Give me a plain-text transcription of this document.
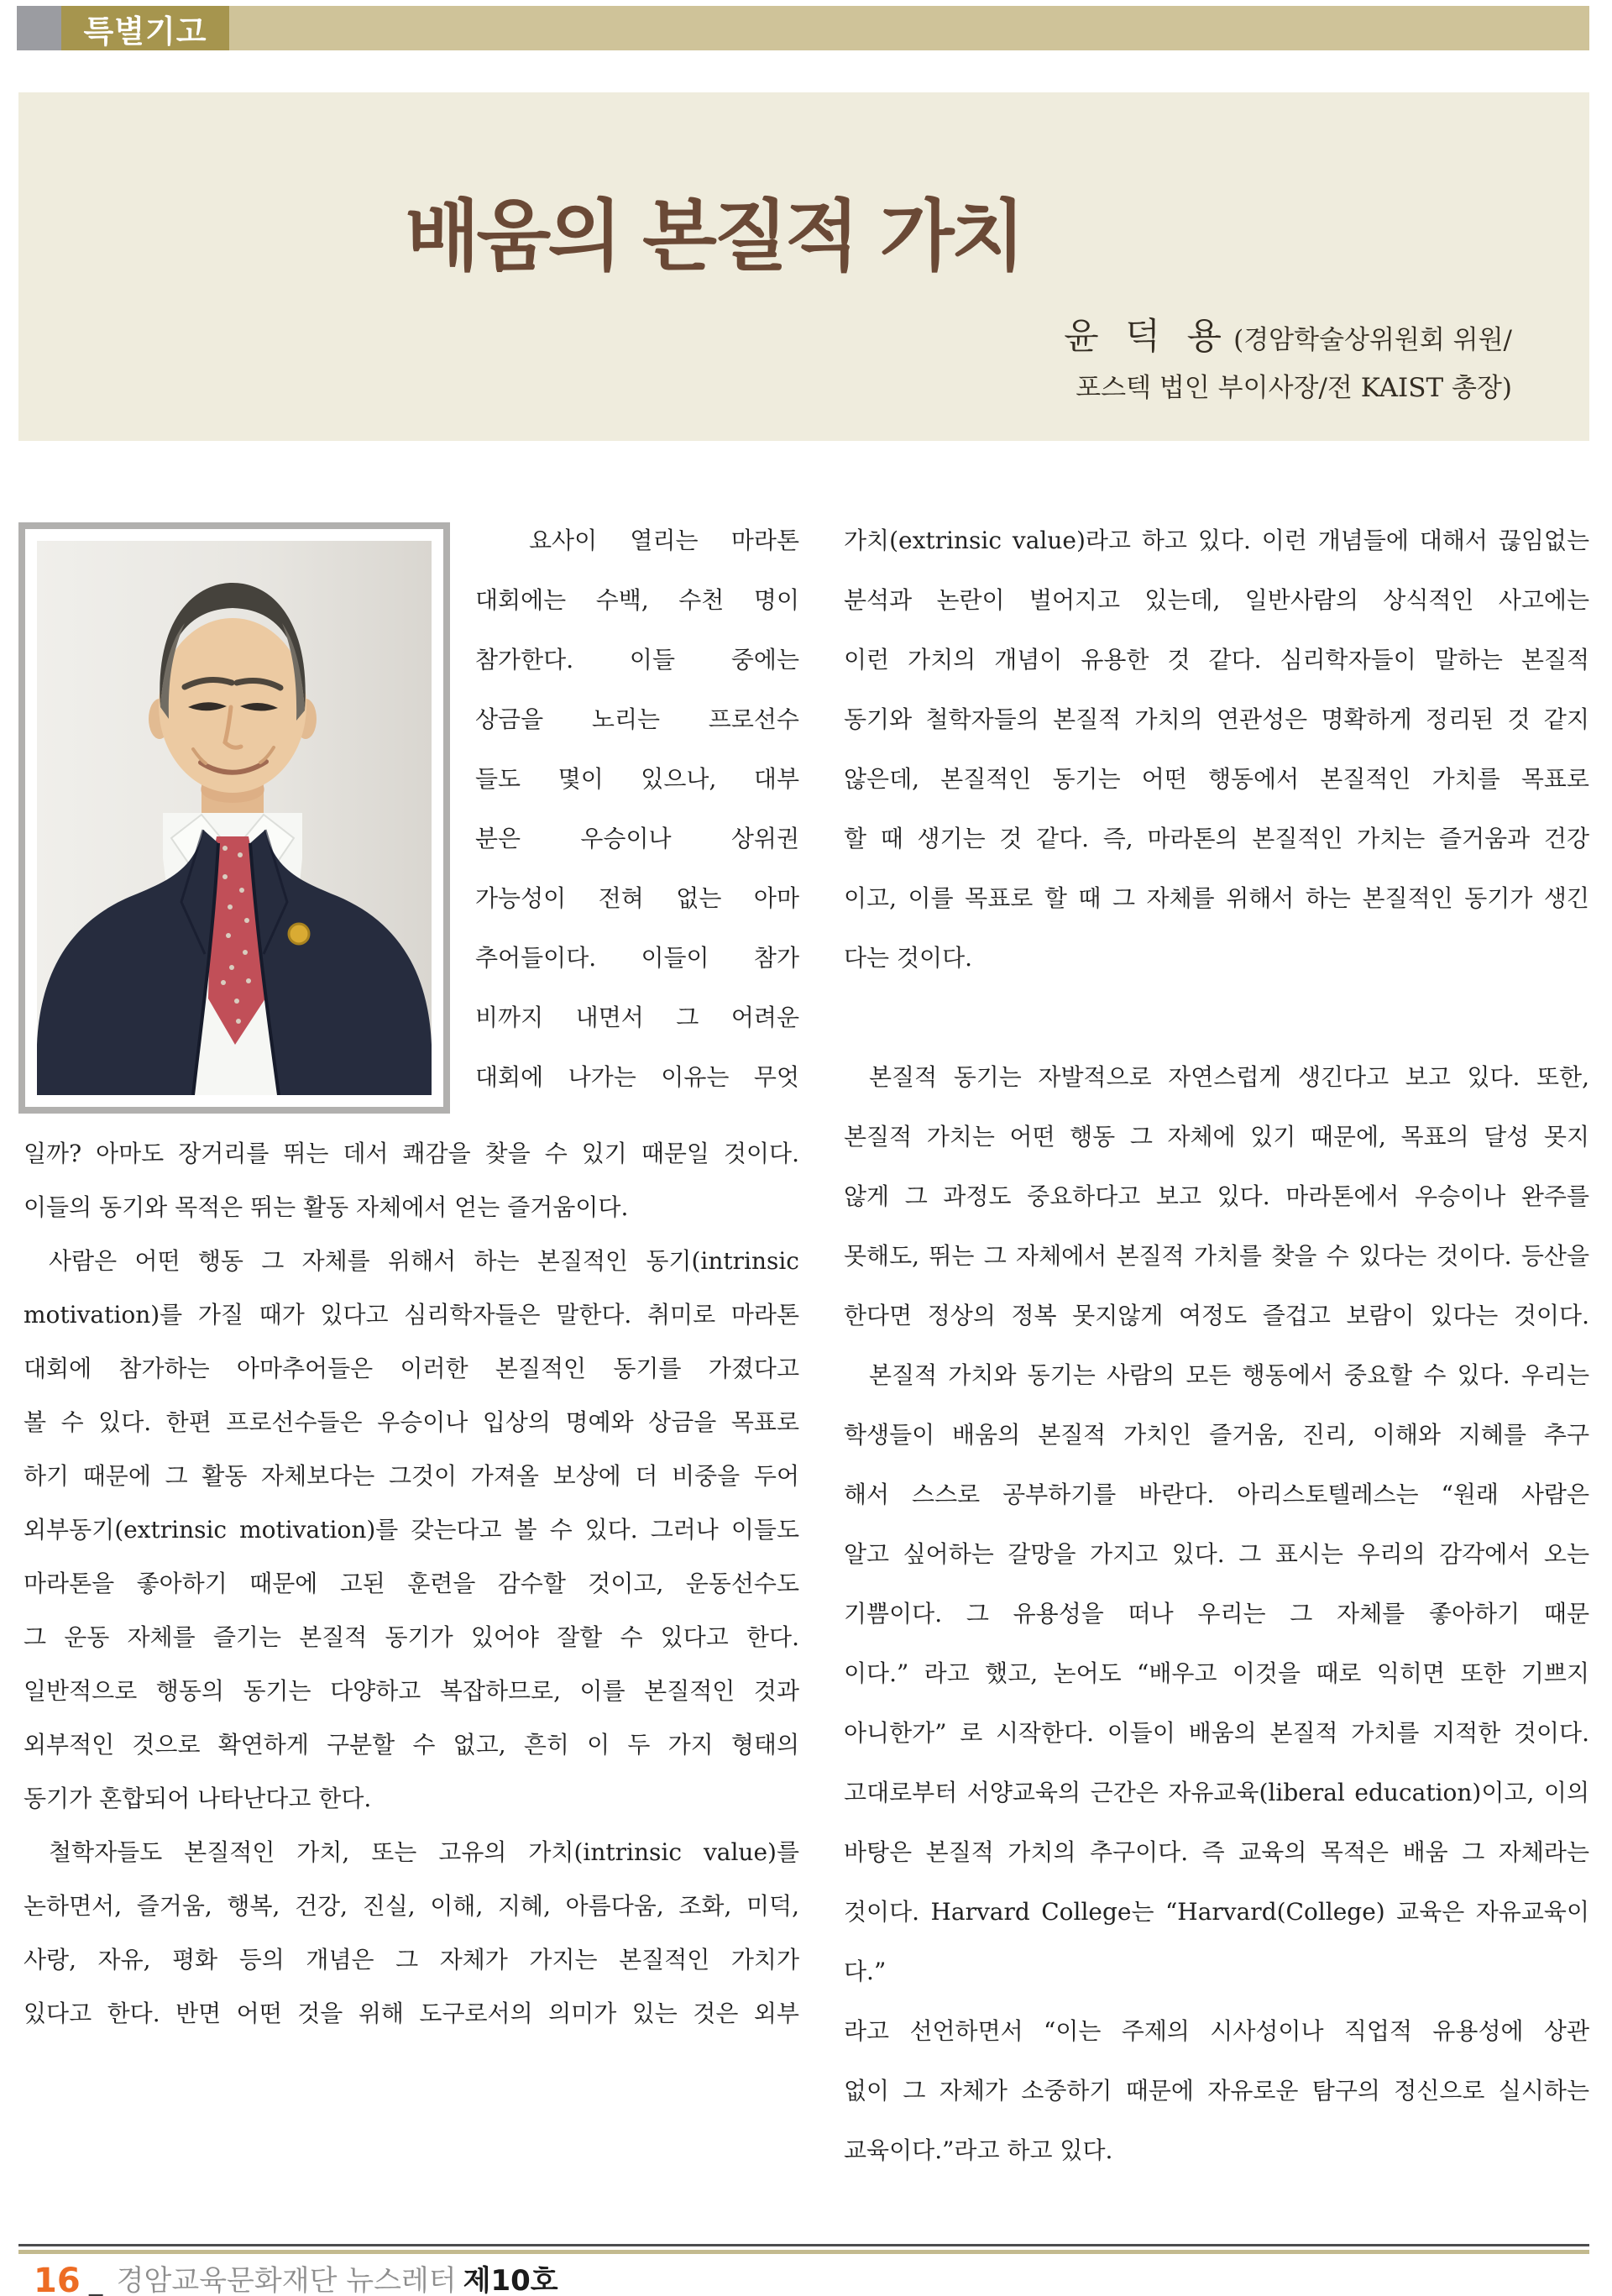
특별기고
배움의 본질적 가치
윤 덕 용 (경암학술상위원회 위원/
포스텍 법인 부이사장/전 KAIST 총장)
요사이 열리는 마라톤
대회에는 수백, 수천 명이
참가한다. 이들 중에는
상금을 노리는 프로선수
들도 몇이 있으나, 대부
분은 우승이나 상위권
가능성이 전혀 없는 아마
추어들이다. 이들이 참가
비까지 내면서 그 어려운
대회에 나가는 이유는 무엇
일까? 아마도 장거리를 뛰는 데서 쾌감을 찾을 수 있기 때문일 것이다.
이들의 동기와 목적은 뛰는 활동 자체에서 얻는 즐거움이다.
사람은 어떤 행동 그 자체를 위해서 하는 본질적인 동기(intrinsic
motivation)를 가질 때가 있다고 심리학자들은 말한다. 취미로 마라톤
대회에 참가하는 아마추어들은 이러한 본질적인 동기를 가졌다고
볼 수 있다. 한편 프로선수들은 우승이나 입상의 명예와 상금을 목표로
하기 때문에 그 활동 자체보다는 그것이 가져올 보상에 더 비중을 두어
외부동기(extrinsic motivation)를 갖는다고 볼 수 있다. 그러나 이들도
마라톤을 좋아하기 때문에 고된 훈련을 감수할 것이고, 운동선수도
그 운동 자체를 즐기는 본질적 동기가 있어야 잘할 수 있다고 한다.
일반적으로 행동의 동기는 다양하고 복잡하므로, 이를 본질적인 것과
외부적인 것으로 확연하게 구분할 수 없고, 흔히 이 두 가지 형태의
동기가 혼합되어 나타난다고 한다.
철학자들도 본질적인 가치, 또는 고유의 가치(intrinsic value)를
논하면서, 즐거움, 행복, 건강, 진실, 이해, 지혜, 아름다움, 조화, 미덕,
사랑, 자유, 평화 등의 개념은 그 자체가 가지는 본질적인 가치가
있다고 한다. 반면 어떤 것을 위해 도구로서의 의미가 있는 것은 외부
가치(extrinsic value)라고 하고 있다. 이런 개념들에 대해서 끊임없는
분석과 논란이 벌어지고 있는데, 일반사람의 상식적인 사고에는
이런 가치의 개념이 유용한 것 같다. 심리학자들이 말하는 본질적
동기와 철학자들의 본질적 가치의 연관성은 명확하게 정리된 것 같지
않은데, 본질적인 동기는 어떤 행동에서 본질적인 가치를 목표로
할 때 생기는 것 같다. 즉, 마라톤의 본질적인 가치는 즐거움과 건강
이고, 이를 목표로 할 때 그 자체를 위해서 하는 본질적인 동기가 생긴
다는 것이다.

본질적 동기는 자발적으로 자연스럽게 생긴다고 보고 있다. 또한,
본질적 가치는 어떤 행동 그 자체에 있기 때문에, 목표의 달성 못지
않게 그 과정도 중요하다고 보고 있다. 마라톤에서 우승이나 완주를
못해도, 뛰는 그 자체에서 본질적 가치를 찾을 수 있다는 것이다. 등산을
한다면 정상의 정복 못지않게 여정도 즐겁고 보람이 있다는 것이다.
본질적 가치와 동기는 사람의 모든 행동에서 중요할 수 있다. 우리는
학생들이 배움의 본질적 가치인 즐거움, 진리, 이해와 지혜를 추구
해서 스스로 공부하기를 바란다. 아리스토텔레스는 “원래 사람은
알고 싶어하는 갈망을 가지고 있다. 그 표시는 우리의 감각에서 오는
기쁨이다. 그 유용성을 떠나 우리는 그 자체를 좋아하기 때문
이다.” 라고 했고, 논어도 “배우고 이것을 때로 익히면 또한 기쁘지
아니한가” 로 시작한다. 이들이 배움의 본질적 가치를 지적한 것이다.
고대로부터 서양교육의 근간은 자유교육(liberal education)이고, 이의
바탕은 본질적 가치의 추구이다. 즉 교육의 목적은 배움 그 자체라는
것이다. Harvard College는 “Harvard(College) 교육은 자유교육이다.”
라고 선언하면서 “이는 주제의 시사성이나 직업적 유용성에 상관
없이 그 자체가 소중하기 때문에 자유로운 탐구의 정신으로 실시하는
교육이다.”라고 하고 있다.
16 _ 경암교육문화재단 뉴스레터 제10호
